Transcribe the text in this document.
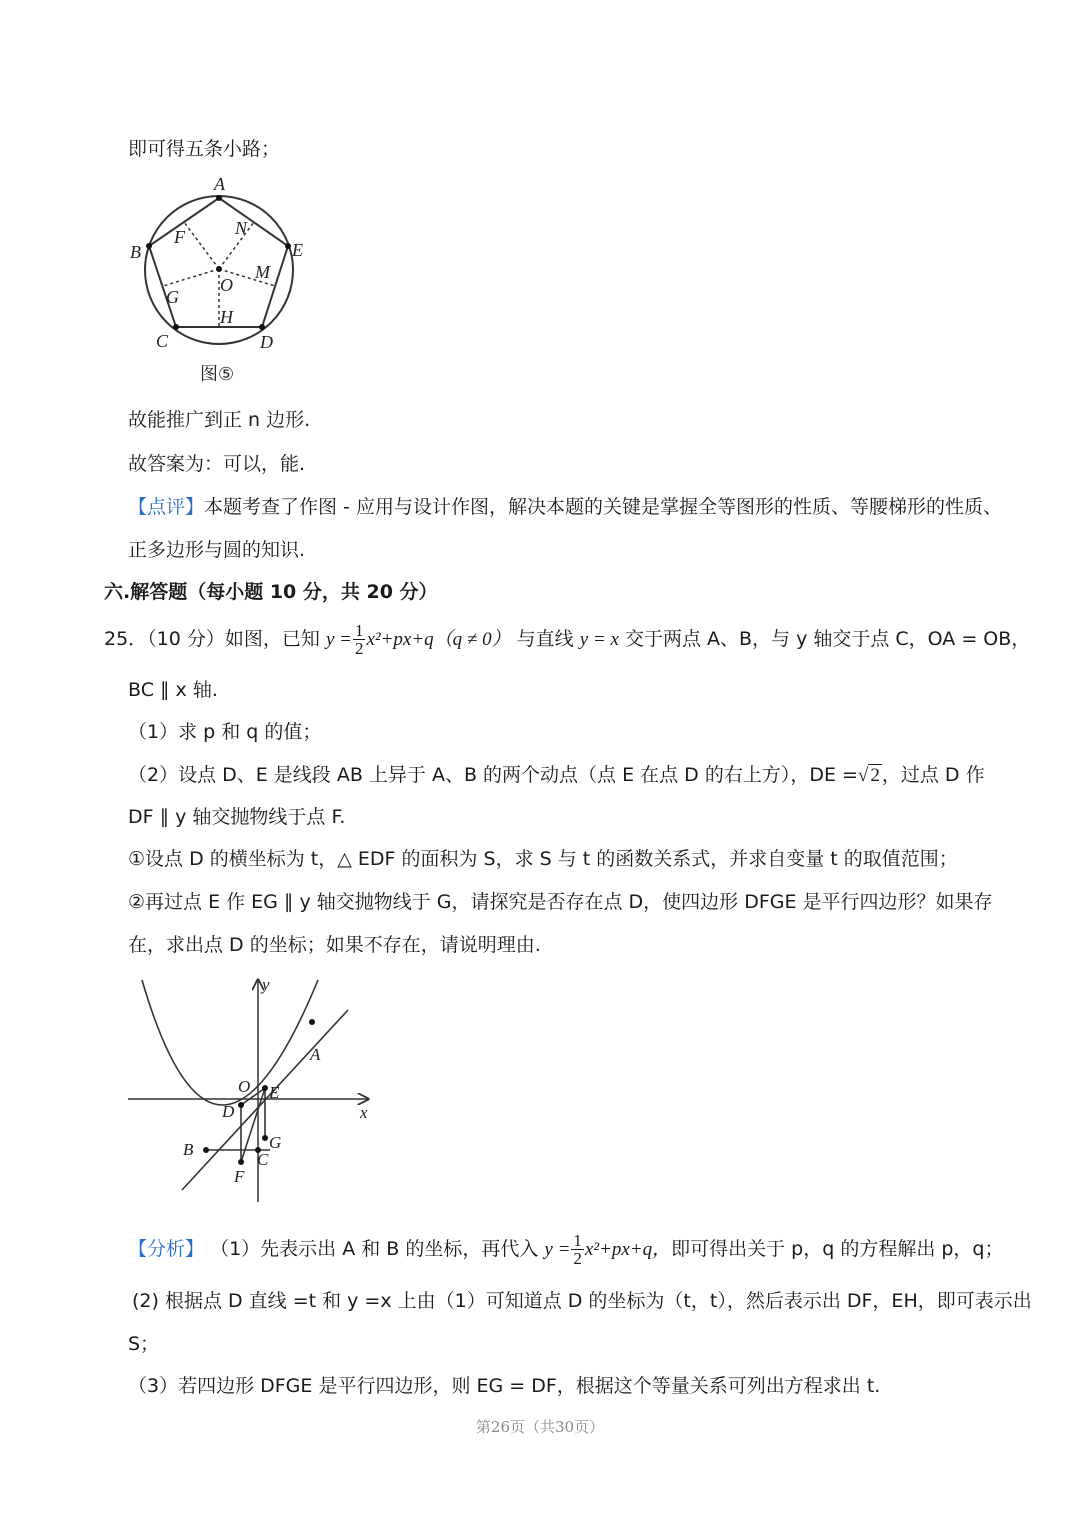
即可得五条小路；
A
B
C	D
E
F	N
M
O
G
H
图⑤
故能推广到正 n 边形.
故答案为：可以，能.
【点评】本题考查了作图 - 应用与设计作图，解决本题的关键是掌握全等图形的性质、等腰梯形的性质、
正多边形与圆的知识.
六.解答题（每小题 10 分，共 20 分）
25．（10 分）如图，已知 $y = \frac{1}{2} x^2+px+q(q \ne 0)$ 与直线 y = x 交于两点 A、B，与 y 轴交于点 C，OA = OB，
BC ∥ x 轴.
（1）求 p 和 q 的值；
（2）设点 D、E 是线段 AB 上异于 A、B 的两个动点（点 E 在点 D 的右上方），DE =√ 2 ，过点 D 作
DF ∥ y 轴交抛物线于点 F.
①设点 D 的横坐标为 t，△ EDF 的面积为 S，求 S 与 t 的函数关系式，并求自变量 t 的取值范围；
②再过点 E 作 EG ∥ y 轴交抛物线于 G，请探究是否存在点 D，使四边形 DFGE 是平行四边形？如果存
在，求出点 D 的坐标；如果不存在，请说明理由.
y
x
O
A
E
D
B	G
C
F
【分析】 （1）先表示出 A 和 B 的坐标，再代入 $y = \frac{1}{2} x^2+px+q$，即可得出关于 p，q 的方程解出 p，q；
(2) 根据点 D 直线 =t 和 y =x 上由（1）可知道点 D 的坐标为（t，t），然后表示出 DF，EH，即可表示出
S；
（3）若四边形 DFGE 是平行四边形，则 EG = DF，根据这个等量关系可列出方程求出 t.
第26页（共30页）
